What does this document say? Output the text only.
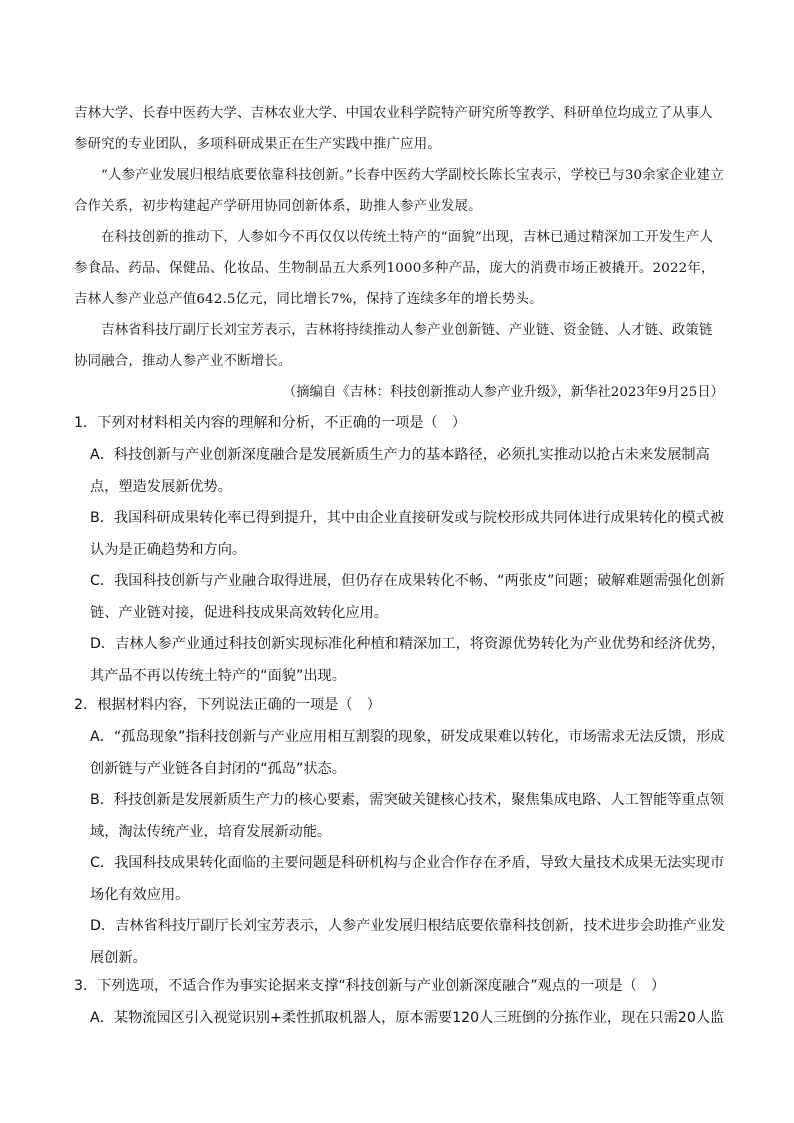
吉林大学、长春中医药大学、吉林农业大学、中国农业科学院特产研究所等教学、科研单位均成立了从事人参研究的专业团队，多项科研成果正在生产实践中推广应用。

“人参产业发展归根结底要依靠科技创新。”长春中医药大学副校长陈长宝表示，学校已与30余家企业建立合作关系，初步构建起产学研用协同创新体系，助推人参产业发展。

在科技创新的推动下，人参如今不再仅仅以传统土特产的“面貌”出现，吉林已通过精深加工开发生产人参食品、药品、保健品、化妆品、生物制品五大系列1000多种产品，庞大的消费市场正被撬开。2022年，吉林人参产业总产值642.5亿元，同比增长7%，保持了连续多年的增长势头。

吉林省科技厅副厅长刘宝芳表示，吉林将持续推动人参产业创新链、产业链、资金链、人才链、政策链协同融合，推动人参产业不断增长。

（摘编自《吉林：科技创新推动人参产业升级》，新华社2023年9月25日）

1．下列对材料相关内容的理解和分析，不正确的一项是（　）

A．科技创新与产业创新深度融合是发展新质生产力的基本路径，必须扎实推动以抢占未来发展制高点，塑造发展新优势。

B．我国科研成果转化率已得到提升，其中由企业直接研发或与院校形成共同体进行成果转化的模式被认为是正确趋势和方向。

C．我国科技创新与产业融合取得进展，但仍存在成果转化不畅、“两张皮”问题；破解难题需强化创新链、产业链对接，促进科技成果高效转化应用。

D．吉林人参产业通过科技创新实现标准化种植和精深加工，将资源优势转化为产业优势和经济优势，其产品不再以传统土特产的“面貌”出现。

2．根据材料内容，下列说法正确的一项是（　）

A．“孤岛现象”指科技创新与产业应用相互割裂的现象，研发成果难以转化，市场需求无法反馈，形成创新链与产业链各自封闭的“孤岛”状态。

B．科技创新是发展新质生产力的核心要素，需突破关键核心技术，聚焦集成电路、人工智能等重点领域，淘汰传统产业，培育发展新动能。

C．我国科技成果转化面临的主要问题是科研机构与企业合作存在矛盾，导致大量技术成果无法实现市场化有效应用。

D．吉林省科技厅副厅长刘宝芳表示，人参产业发展归根结底要依靠科技创新，技术进步会助推产业发展创新。

3．下列选项，不适合作为事实论据来支撑“科技创新与产业创新深度融合”观点的一项是（　）

A．某物流园区引入视觉识别+柔性抓取机器人，原本需要120人三班倒的分拣作业，现在只需20人监
